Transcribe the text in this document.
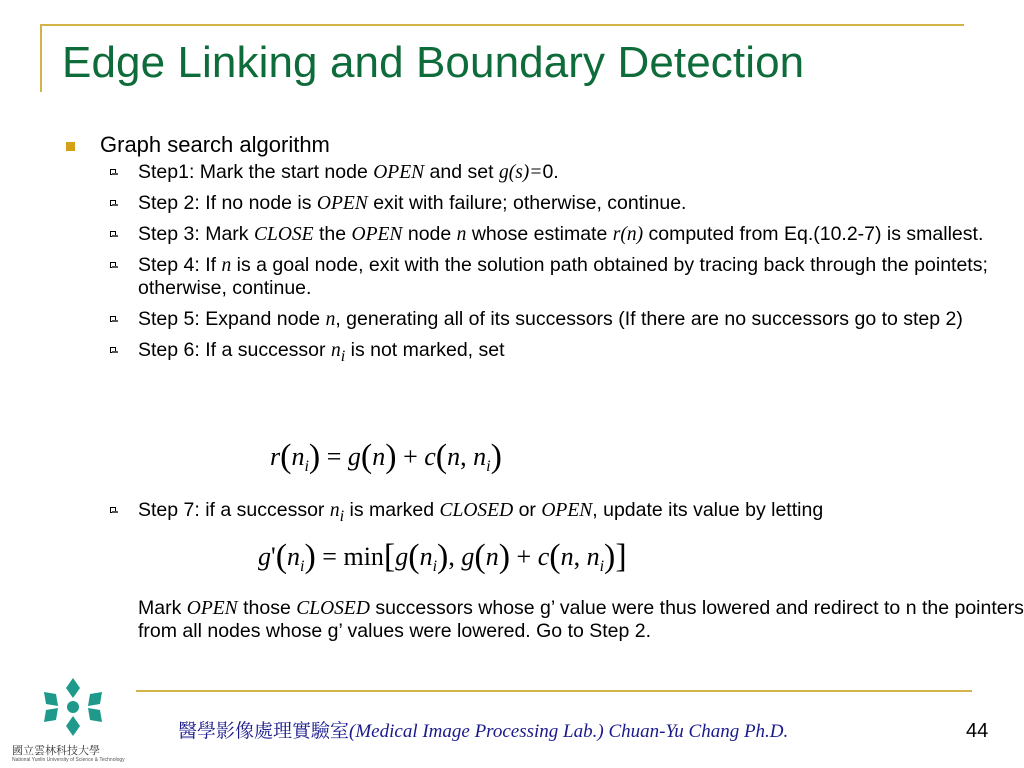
Edge Linking and Boundary Detection
Graph search algorithm
Step1: Mark the start node OPEN and set g(s)=0.
Step 2: If no node is OPEN exit with failure; otherwise, continue.
Step 3: Mark CLOSE the OPEN node n whose estimate r(n) computed from Eq.(10.2-7) is smallest.
Step 4: If n is a goal node, exit with the solution path obtained by tracing back through the pointets; otherwise, continue.
Step 5: Expand node n, generating all of its successors (If there are no successors go to step 2)
Step 6: If a successor $n_i$ is not marked, set
$r(n_i) = g(n) + c(n$, $n_i$)
Step 7: if a successor $n_i$ is marked CLOSED or OPEN, update its value by letting
$g'(n_i) = \min[g(n_i)$, g(n) + c(n, $n_i$)]
Mark OPEN those CLOSED successors whose g’ value were thus lowered and redirect to n the pointers from all nodes whose g’ values were lowered. Go to Step 2.
國立雲林科技大學
National Yunlin University of Science & Technology
醫學影像處理實驗室(Medical Image Processing Lab.) Chuan-Yu Chang Ph.D.	44
